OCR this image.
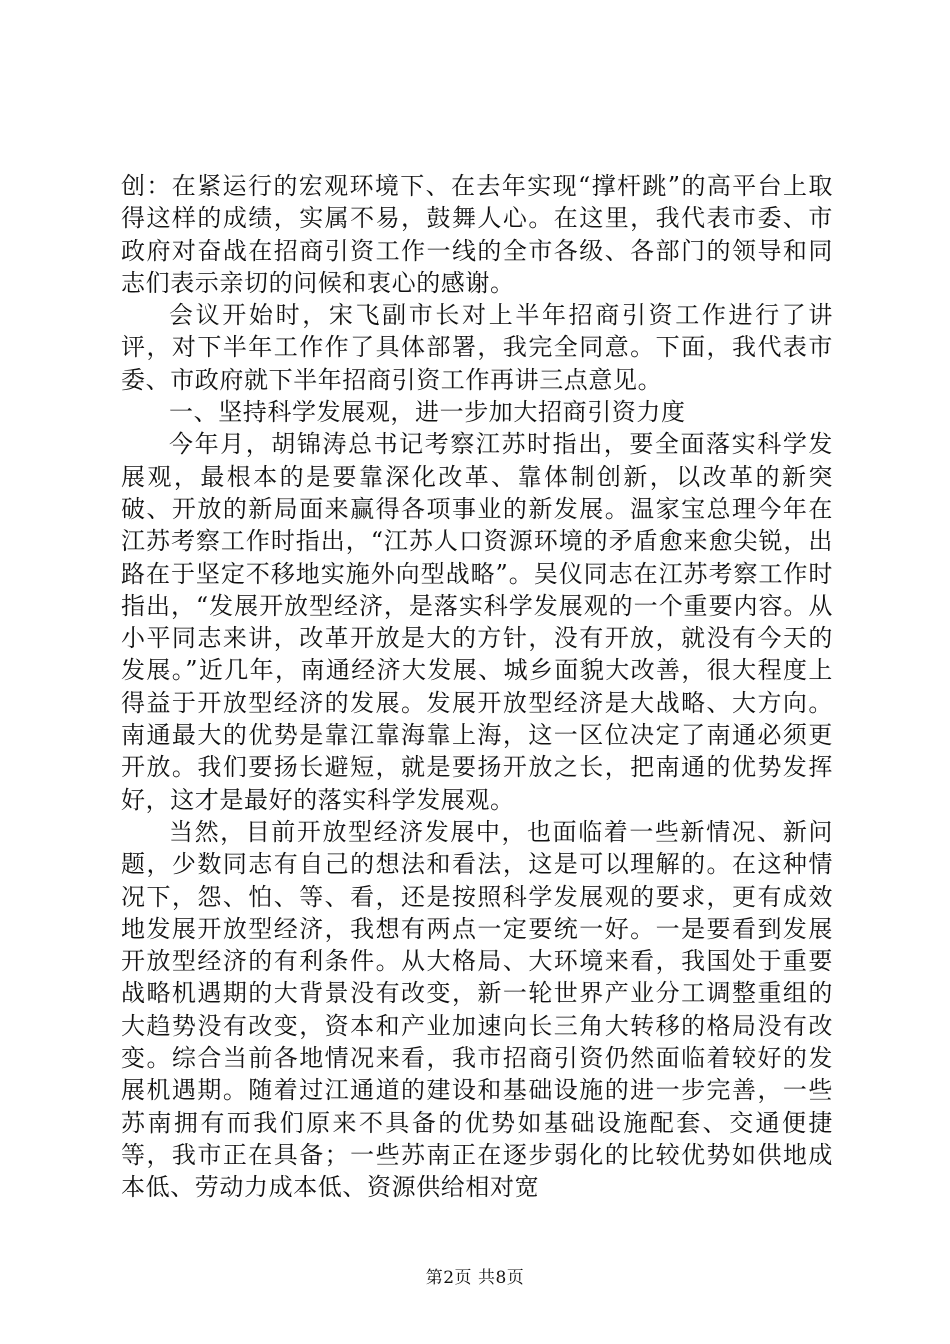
创：在紧运行的宏观环境下、在去年实现“撑杆跳”的高平台上取得这样的成绩，实属不易，鼓舞人心。在这里，我代表市委、市政府对奋战在招商引资工作一线的全市各级、各部门的领导和同志们表示亲切的问候和衷心的感谢。

会议开始时，宋飞副市长对上半年招商引资工作进行了讲评，对下半年工作作了具体部署，我完全同意。下面，我代表市委、市政府就下半年招商引资工作再讲三点意见。

一、坚持科学发展观，进一步加大招商引资力度

今年月，胡锦涛总书记考察江苏时指出，要全面落实科学发展观，最根本的是要靠深化改革、靠体制创新，以改革的新突破、开放的新局面来赢得各项事业的新发展。温家宝总理今年在江苏考察工作时指出，“江苏人口资源环境的矛盾愈来愈尖锐，出路在于坚定不移地实施外向型战略”。吴仪同志在江苏考察工作时指出，“发展开放型经济，是落实科学发展观的一个重要内容。从小平同志来讲，改革开放是大的方针，没有开放，就没有今天的发展。”近几年，南通经济大发展、城乡面貌大改善，很大程度上得益于开放型经济的发展。发展开放型经济是大战略、大方向。南通最大的优势是靠江靠海靠上海，这一区位决定了南通必须更开放。我们要扬长避短，就是要扬开放之长，把南通的优势发挥好，这才是最好的落实科学发展观。

当然，目前开放型经济发展中，也面临着一些新情况、新问题，少数同志有自己的想法和看法，这是可以理解的。在这种情况下，怨、怕、等、看，还是按照科学发展观的要求，更有成效地发展开放型经济，我想有两点一定要统一好。一是要看到发展开放型经济的有利条件。从大格局、大环境来看，我国处于重要战略机遇期的大背景没有改变，新一轮世界产业分工调整重组的大趋势没有改变，资本和产业加速向长三角大转移的格局没有改变。综合当前各地情况来看，我市招商引资仍然面临着较好的发展机遇期。随着过江通道的建设和基础设施的进一步完善，一些苏南拥有而我们原来不具备的优势如基础设施配套、交通便捷等，我市正在具备；一些苏南正在逐步弱化的比较优势如供地成本低、劳动力成本低、资源供给相对宽

第2页 共8页
